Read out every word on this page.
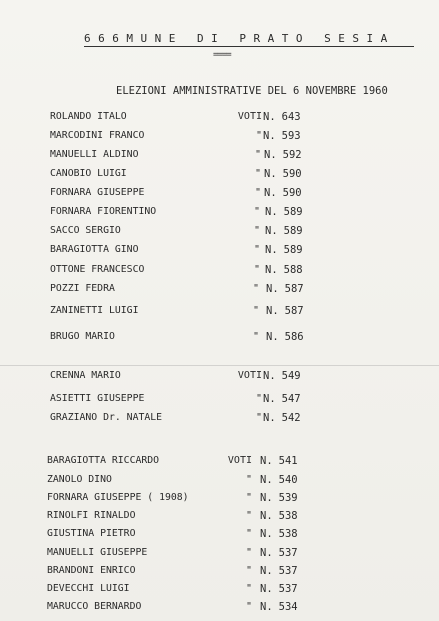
666MUNE DI PRATO SESIA
====
ELEZIONI AMMINISTRATIVE DEL 6 NOVEMBRE 1960
ROLANDO ITALO	VOTI N. 643
MARCODINI FRANCO	" N. 593
MANUELLI ALDINO	" N. 592
CANOBIO LUIGI	" N. 590
FORNARA GIUSEPPE	" N. 590
FORNARA FIORENTINO	" N. 589
SACCO SERGIO	" N. 589
BARAGIOTTA GINO	" N. 589
OTTONE FRANCESCO	" N. 588
POZZI FEDRA	" N. 587
ZANINETTI LUIGI	" N. 587
BRUGO MARIO	" N. 586
CRENNA MARIO	VOTI N. 549
ASIETTI GIUSEPPE	" N. 547
GRAZIANO Dr. NATALE	" N. 542
BARAGIOTTA RICCARDO	VOTI N. 541
ZANOLO DINO	" N. 540
FORNARA GIUSEPPE ( 1908)	" N. 539
RINOLFI RINALDO	" N. 538
GIUSTINA PIETRO	" N. 538
MANUELLI GIUSEPPE	" N. 537
BRANDONI ENRICO	" N. 537
DEVECCHI LUIGI	" N. 537
MARUCCO BERNARDO	" N. 534
